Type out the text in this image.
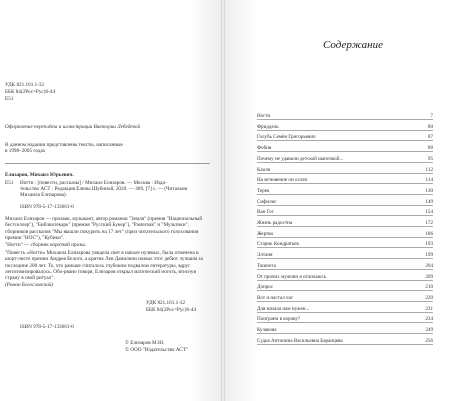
УДК 821.161.1-32
ББК 84(2Рос=Рус)6-44
Е51
Оформление переплёта и иллюстрации Виктории Лебедевой
В данном издании представлены тексты, написанные
в 1998–2005 годах
Елизаров, Михаил Юрьевич.
Е51 Ногти : [повести, рассказы] / Михаил Елизаров. — Москва : Изда-
тельство АСТ : Редакция Елены Шубиной, 2020. — 489, [7] с. — (Читальня
Михаила Елизарова).
ISBN 978-5-17-133661-0
Михаил Елизаров — прозаик, музыкант, автор романов "Земля" (премия "Национальный бестселлер"), "Библиотекарь" (премия "Русский Букер"), "Pasternak" и "Мультики", сборников рассказов "Мы вышли покурить на 17 лет" (приз читательского голосования премии "НОС"), "Кубики".
"Ногти" — сборник короткой прозы.
"Повесть «Ногти» Михаила Елизарова увидела свет в начале нулевых, была отмечена в шорт-листе премии Андрея Белого, а критик Лев Данилкин назвал этот дебют лучшим за последние 200 лет. То, что раньше считалось глубоким подвалом литературы, вдруг легитимизировалось. Обо-рвано говоря, Елизаров открыл магический ноготь, втиснув страну в свой ритуал".
(Роман Богословский)
УДК 821.161.1-32
ББК 84(2Рос=Рус)6-44
ISBN 978-5-17-133661-0
© Елизаров М.Ю.
© ООО "Издательство АСТ"
Содержание
Ногти	7
Фриддель	80
Голубь Семён Григорьевич	87
Фобия	88
Почему не удавили детской шапочкой...	95
Каоля	112
На мгновение он ослеп	114
Терек	130
Сифилис	149
Ван Гог	154
Жизнь радостна	172
Жертва	186
Старик Кондратьев	193
Элтаня	199
Тошнота	204
От прочих мужчин я отличаюсь	209
Допрос	210
Вот и настал час	220
Для начала нам нужен...	231
Поиграем в корову?	234
Кулакова	249
Судья Антонина Васильевна Баранцева	256
